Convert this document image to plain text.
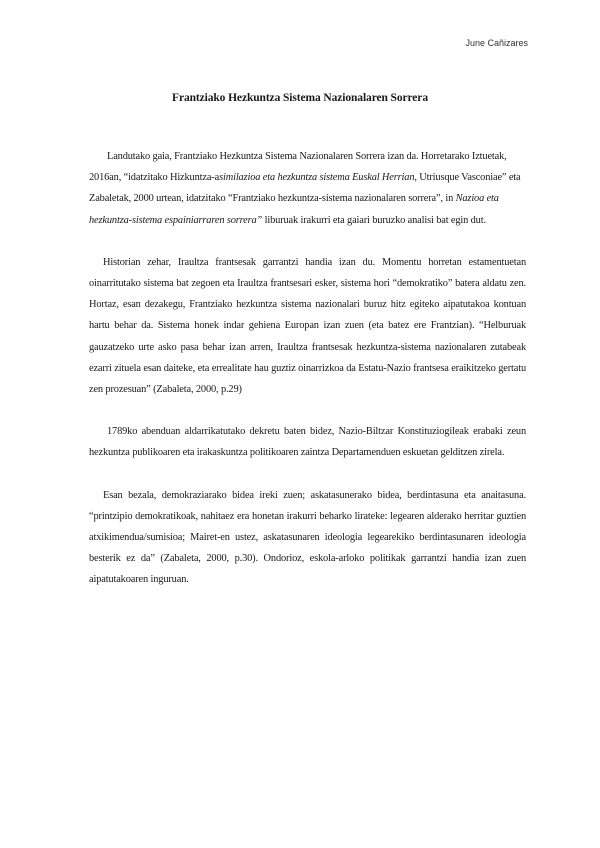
June Cañizares
Frantziako Hezkuntza Sistema Nazionalaren Sorrera

Landutako gaia, Frantziako Hezkuntza Sistema Nazionalaren Sorrera izan da. Horretarako Iztuetak, 2016an, “idatzitako Hizkuntza-asimilazioa eta hezkuntza sistema Euskal Herrian, Utriusque Vasconiae” eta Zabaletak, 2000 urtean, idatzitako “Frantziako hezkuntza-sistema nazionalaren sorrera”, in Nazioa eta hezkuntza-sistema espainiarraren sorrera” liburuak irakurri eta gaiari buruzko analisi bat egin dut.

Historian zehar, Iraultza frantsesak garrantzi handia izan du. Momentu horretan estamentuetan oinarritutako sistema bat zegoen eta Iraultza frantsesari esker, sistema hori “demokratiko” batera aldatu zen. Hortaz, esan dezakegu, Frantziako hezkuntza sistema nazionalari buruz hitz egiteko aipatutakoa kontuan hartu behar da. Sistema honek indar gehiena Europan izan zuen (eta batez ere Frantzian). “Helburuak gauzatzeko urte asko pasa behar izan arren, Iraultza frantsesak hezkuntza-sistema nazionalaren zutabeak ezarri zituela esan daiteke, eta errealitate hau guztiz oinarrizkoa da Estatu-Nazio frantsesa eraikitzeko gertatu zen prozesuan” (Zabaleta, 2000, p.29)

1789ko abenduan aldarrikatutako dekretu baten bidez, Nazio-Biltzar Konstituziogileak erabaki zeun hezkuntza publikoaren eta irakaskuntza politikoaren zaintza Departamenduen eskuetan gelditzen zirela.

Esan bezala, demokraziarako bidea ireki zuen; askatasunerako bidea, berdintasuna eta anaitasuna. “printzipio demokratikoak, nahitaez era honetan irakurri beharko lirateke: legearen alderako herritar guztien atxikimendua/sumisioa; Mairet-en ustez, askatasunaren ideologia legearekiko berdintasunaren ideologia besterik ez da” (Zabaleta, 2000, p.30). Ondorioz, eskola-arloko politikak garrantzi handia izan zuen aipatutakoaren inguruan.
